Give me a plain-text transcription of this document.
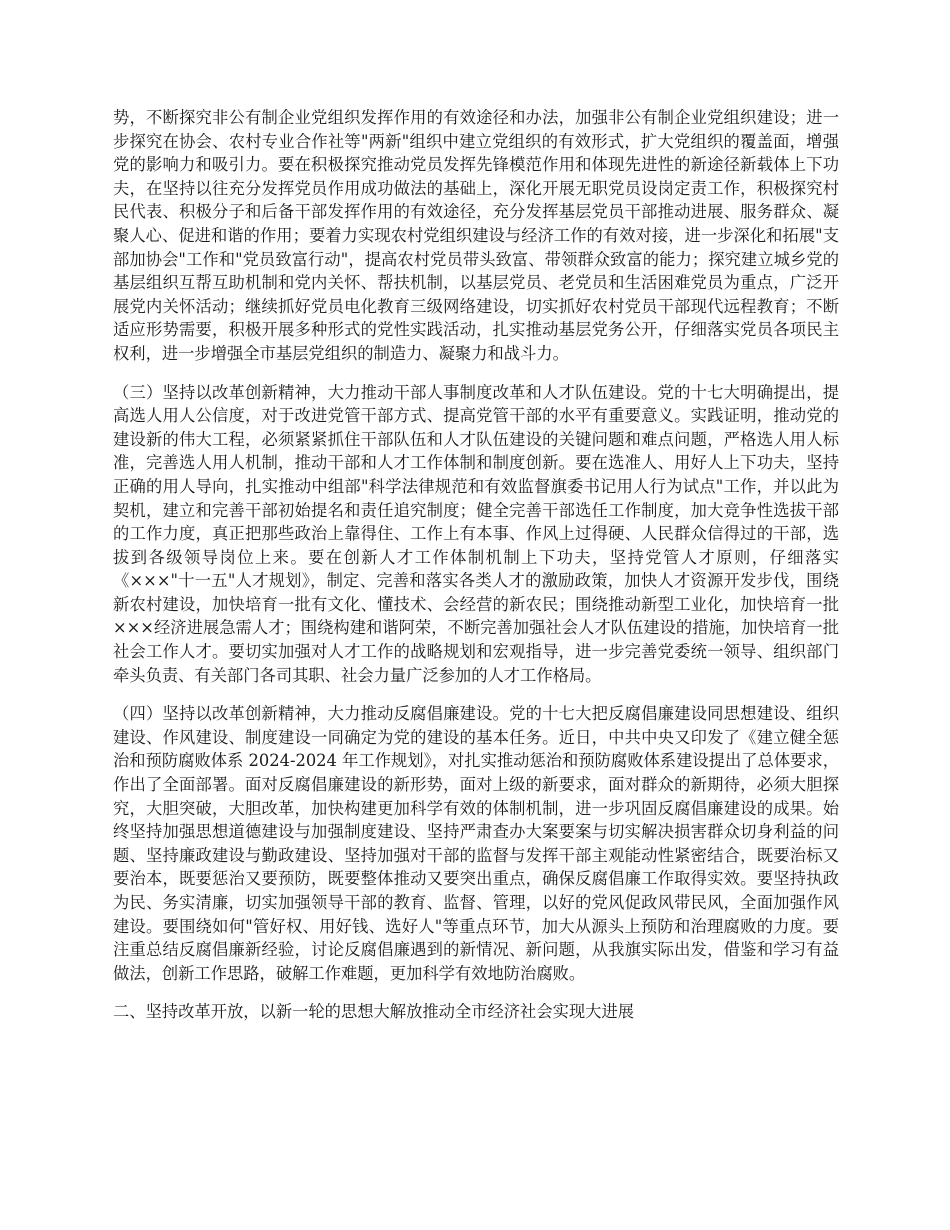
势，不断探究非公有制企业党组织发挥作用的有效途径和办法，加强非公有制企业党组织建设；进一步探究在协会、农村专业合作社等"两新"组织中建立党组织的有效形式，扩大党组织的覆盖面，增强党的影响力和吸引力。要在积极探究推动党员发挥先锋模范作用和体现先进性的新途径新载体上下功夫，在坚持以往充分发挥党员作用成功做法的基础上，深化开展无职党员设岗定责工作，积极探究村民代表、积极分子和后备干部发挥作用的有效途径，充分发挥基层党员干部推动进展、服务群众、凝聚人心、促进和谐的作用；要着力实现农村党组织建设与经济工作的有效对接，进一步深化和拓展"支部加协会"工作和"党员致富行动"，提高农村党员带头致富、带领群众致富的能力；探究建立城乡党的基层组织互帮互助机制和党内关怀、帮扶机制，以基层党员、老党员和生活困难党员为重点，广泛开展党内关怀活动；继续抓好党员电化教育三级网络建设，切实抓好农村党员干部现代远程教育；不断适应形势需要，积极开展多种形式的党性实践活动，扎实推动基层党务公开，仔细落实党员各项民主权利，进一步增强全市基层党组织的制造力、凝聚力和战斗力。

（三）坚持以改革创新精神，大力推动干部人事制度改革和人才队伍建设。党的十七大明确提出，提高选人用人公信度，对于改进党管干部方式、提高党管干部的水平有重要意义。实践证明，推动党的建设新的伟大工程，必须紧紧抓住干部队伍和人才队伍建设的关键问题和难点问题，严格选人用人标准，完善选人用人机制，推动干部和人才工作体制和制度创新。要在选准人、用好人上下功夫，坚持正确的用人导向，扎实推动中组部"科学法律规范和有效监督旗委书记用人行为试点"工作，并以此为契机，建立和完善干部初始提名和责任追究制度；健全完善干部选任工作制度，加大竞争性选拔干部的工作力度，真正把那些政治上靠得住、工作上有本事、作风上过得硬、人民群众信得过的干部，选拔到各级领导岗位上来。要在创新人才工作体制机制上下功夫，坚持党管人才原则，仔细落实《×××"十一五"人才规划》，制定、完善和落实各类人才的激励政策，加快人才资源开发步伐，围绕新农村建设，加快培育一批有文化、懂技术、会经营的新农民；围绕推动新型工业化，加快培育一批×××经济进展急需人才；围绕构建和谐阿荣，不断完善加强社会人才队伍建设的措施，加快培育一批社会工作人才。要切实加强对人才工作的战略规划和宏观指导，进一步完善党委统一领导、组织部门牵头负责、有关部门各司其职、社会力量广泛参加的人才工作格局。

（四）坚持以改革创新精神，大力推动反腐倡廉建设。党的十七大把反腐倡廉建设同思想建设、组织建设、作风建设、制度建设一同确定为党的建设的基本任务。近日，中共中央又印发了《建立健全惩治和预防腐败体系 2024-2024 年工作规划》，对扎实推动惩治和预防腐败体系建设提出了总体要求，作出了全面部署。面对反腐倡廉建设的新形势，面对上级的新要求，面对群众的新期待，必须大胆探究，大胆突破，大胆改革，加快构建更加科学有效的体制机制，进一步巩固反腐倡廉建设的成果。始终坚持加强思想道德建设与加强制度建设、坚持严肃查办大案要案与切实解决损害群众切身利益的问题、坚持廉政建设与勤政建设、坚持加强对干部的监督与发挥干部主观能动性紧密结合，既要治标又要治本，既要惩治又要预防，既要整体推动又要突出重点，确保反腐倡廉工作取得实效。要坚持执政为民、务实清廉，切实加强领导干部的教育、监督、管理，以好的党风促政风带民风，全面加强作风建设。要围绕如何"管好权、用好钱、选好人"等重点环节，加大从源头上预防和治理腐败的力度。要注重总结反腐倡廉新经验，讨论反腐倡廉遇到的新情况、新问题，从我旗实际出发，借鉴和学习有益做法，创新工作思路，破解工作难题，更加科学有效地防治腐败。

二、坚持改革开放，以新一轮的思想大解放推动全市经济社会实现大进展
